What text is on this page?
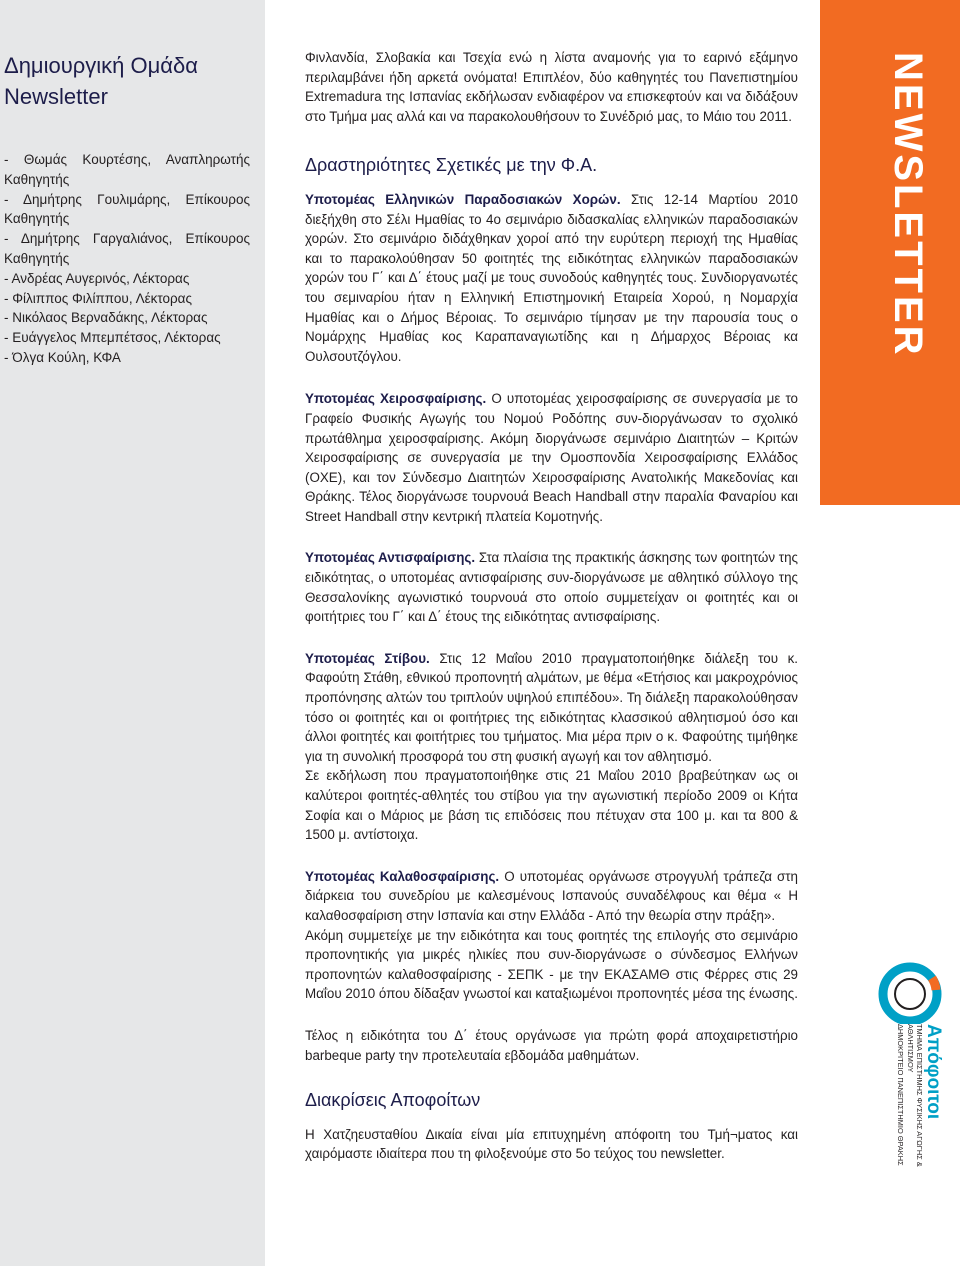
Δημιουργική Ομάδα
Newsletter
- Θωμάς Κουρτέσης, Αναπληρωτής Καθηγητής
- Δημήτρης Γουλιμάρης, Επίκουρος Καθηγητής
- Δημήτρης Γαργαλιάνος, Επίκουρος Καθηγητής
- Ανδρέας Αυγερινός, Λέκτορας
- Φίλιππος Φιλίππου, Λέκτορας
- Νικόλαος Βερναδάκης, Λέκτορας
- Ευάγγελος Μπεμπέτσος, Λέκτορας
- Όλγα Κούλη, ΚΦΑ

Φινλανδία, Σλοβακία και Τσεχία ενώ η λίστα αναμονής για το εαρινό εξάμηνο περιλαμβάνει ήδη αρκετά ονόματα! Επιπλέον, δύο καθηγητές του Πανεπιστημίου Extremadura της Ισπανίας εκδήλωσαν ενδιαφέρον να επισκεφτούν και να διδάξουν στο Τμήμα μας αλλά και να παρακολουθήσουν το Συνέδριό μας, το Μάιο του 2011.

Δραστηριότητες Σχετικές με την Φ.Α.

Υποτομέας Ελληνικών Παραδοσιακών Χορών. Στις 12-14 Μαρτίου 2010 διεξήχθη στο Σέλι Ημαθίας το 4ο σεμινάριο διδασκαλίας ελληνικών παραδοσιακών χορών. Στο σεμινάριο διδάχθηκαν χοροί από την ευρύτερη περιοχή της Ημαθίας και το παρακολούθησαν 50 φοιτητές της ειδικότητας ελληνικών παραδοσιακών χορών του Γ΄ και Δ΄ έτους μαζί με τους συνοδούς καθηγητές τους. Συνδιοργανωτές του σεμιναρίου ήταν η Ελληνική Επιστημονική Εταιρεία Χορού, η Νομαρχία Ημαθίας και ο Δήμος Βέροιας. Το σεμινάριο τίμησαν με την παρουσία τους ο Νομάρχης Ημαθίας κος Καραπαναγιωτίδης και η Δήμαρχος Βέροιας κα Ουλσουτζόγλου.

Υποτομέας Χειροσφαίρισης. Ο υποτομέας χειροσφαίρισης σε συνεργασία με το Γραφείο Φυσικής Αγωγής του Νομού Ροδόπης συν-διοργάνωσαν το σχολικό πρωτάθλημα χειροσφαίρισης. Ακόμη διοργάνωσε σεμινάριο Διαιτητών – Κριτών Χειροσφαίρισης σε συνεργασία με την Ομοσπονδία Χειροσφαίρισης Ελλάδος (ΟΧΕ), και τον Σύνδεσμο Διαιτητών Χειροσφαίρισης Ανατολικής Μακεδονίας και Θράκης. Τέλος διοργάνωσε τουρνουά Beach Handball στην παραλία Φαναρίου και Street Handball στην κεντρική πλατεία Κομοτηνής.

Υποτομέας Αντισφαίρισης. Στα πλαίσια της πρακτικής άσκησης των φοιτητών της ειδικότητας, ο υποτομέας αντισφαίρισης συν-διοργάνωσε με αθλητικό σύλλογο της Θεσσαλονίκης αγωνιστικό τουρνουά στο οποίο συμμετείχαν οι φοιτητές και οι φοιτήτριες του Γ΄ και Δ΄ έτους της ειδικότητας αντισφαίρισης.

Υποτομέας Στίβου. Στις 12 Μαΐου 2010 πραγματοποιήθηκε διάλεξη του κ. Φαφούτη Στάθη, εθνικού προπονητή αλμάτων, με θέμα «Ετήσιος και μακροχρόνιος προπόνησης αλτών του τριπλούν υψηλού επιπέδου». Τη διάλεξη παρακολούθησαν τόσο οι φοιτητές και οι φοιτήτριες της ειδικότητας κλασσικού αθλητισμού όσο και άλλοι φοιτητές και φοιτήτριες του τμήματος. Μια μέρα πριν ο κ. Φαφούτης τιμήθηκε για τη συνολική προσφορά του στη φυσική αγωγή και τον αθλητισμό.

Σε εκδήλωση που πραγματοποιήθηκε στις 21 Μαΐου 2010 βραβεύτηκαν ως οι καλύτεροι φοιτητές-αθλητές του στίβου για την αγωνιστική περίοδο 2009 οι Κήτα Σοφία και ο Μάριος με βάση τις επιδόσεις που πέτυχαν στα 100 μ. και τα 800 & 1500 μ. αντίστοιχα.

Υποτομέας Καλαθοσφαίρισης. Ο υποτομέας οργάνωσε στρογγυλή τράπεζα στη διάρκεια του συνεδρίου με καλεσμένους Ισπανούς συναδέλφους και θέμα « Η καλαθοσφαίριση στην Ισπανία και στην Ελλάδα - Από την θεωρία στην πράξη».

Ακόμη συμμετείχε με την ειδικότητα και τους φοιτητές της επιλογής στο σεμινάριο προπονητικής για μικρές ηλικίες που συν-διοργάνωσε ο σύνδεσμος Ελλήνων προπονητών καλαθοσφαίρισης - ΣΕΠΚ - με την ΕΚΑΣΑΜΘ στις Φέρρες στις 29 Μαΐου 2010 όπου δίδαξαν γνωστοί και καταξιωμένοι προπονητές μέσα της ένωσης.

Τέλος η ειδικότητα του Δ΄ έτους οργάνωσε για πρώτη φορά αποχαιρετιστήριο barbeque party την προτελευταία εβδομάδα μαθημάτων.

Διακρίσεις Αποφοίτων

Η Χατζηευσταθίου Δικαία είναι μία επιτυχημένη απόφοιτη του Τμή¬ματος και χαιρόμαστε ιδιαίτερα που τη φιλοξενούμε στο 5ο τεύχος του newsletter.

NEWSLETTER
Απόφοιτοι
ΤΜΗΜΑ ΕΠΙΣΤΗΜΗΣ ΦΥΣΙΚΗΣ ΑΓΩΓΗΣ & ΑΘΛΗΤΙΣΜΟΥ
ΔΗΜΟΚΡΙΤΕΙΟ ΠΑΝΕΠΙΣΤΗΜΙΟ ΘΡΑΚΗΣ
